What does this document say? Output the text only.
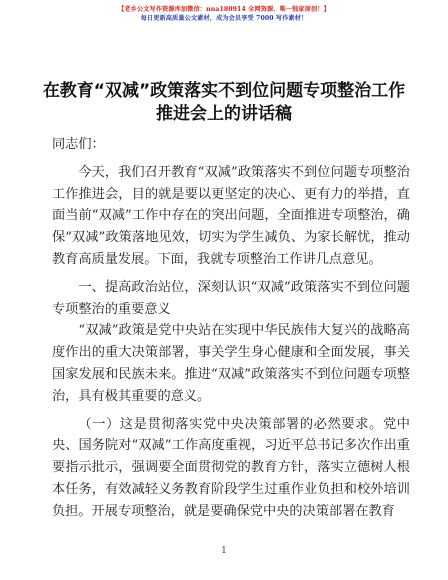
【老乡公文写作资源库加微信：nna180914 全网资源、唯一独家原创！】
每日更新高质量公文素材，成为会员享受 7000 写作素材！
在教育“双减”政策落实不到位问题专项整治工作推进会上的讲话稿

同志们：

今天，我们召开教育“双减”政策落实不到位问题专项整治工作推进会，目的就是要以更坚定的决心、更有力的举措，直面当前“双减”工作中存在的突出问题，全面推进专项整治，确保“双减”政策落地见效，切实为学生减负、为家长解忧，推动教育高质量发展。下面，我就专项整治工作讲几点意见。

一、提高政治站位，深刻认识“双减”政策落实不到位问题专项整治的重要意义

“双减”政策是党中央站在实现中华民族伟大复兴的战略高度作出的重大决策部署，事关学生身心健康和全面发展，事关国家发展和民族未来。推进“双减”政策落实不到位问题专项整治，具有极其重要的意义。

（一）这是贯彻落实党中央决策部署的必然要求。党中央、国务院对“双减”工作高度重视，习近平总书记多次作出重要指示批示，强调要全面贯彻党的教育方针，落实立德树人根本任务，有效减轻义务教育阶段学生过重作业负担和校外培训负担。开展专项整治，就是要确保党中央的决策部署在教育

1
